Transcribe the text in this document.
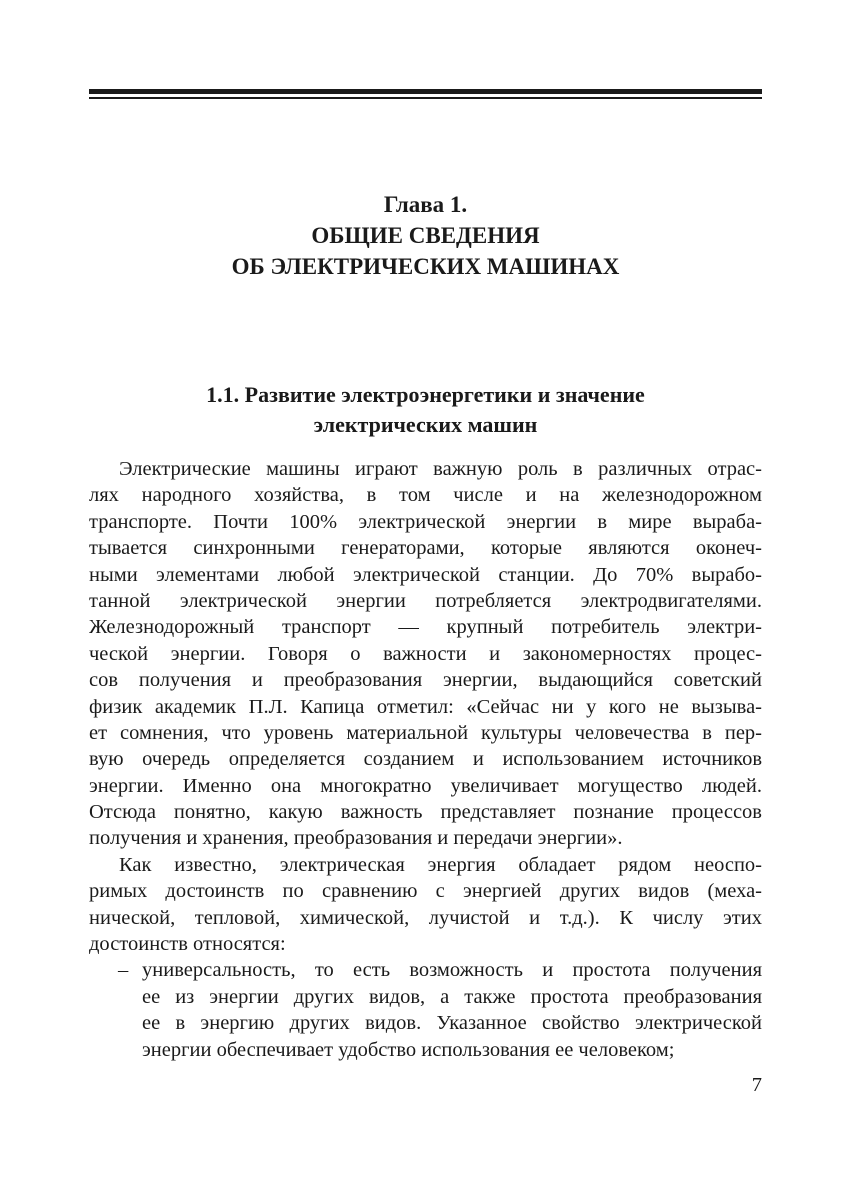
Глава 1.
ОБЩИЕ СВЕДЕНИЯ
ОБ ЭЛЕКТРИЧЕСКИХ МАШИНАХ
1.1. Развитие электроэнергетики и значение
электрических машин
Электрические машины играют важную роль в различных отрас-
лях народного хозяйства, в том числе и на железнодорожном
транспорте. Почти 100% электрической энергии в мире выраба-
тывается синхронными генераторами, которые являются оконеч-
ными элементами любой электрической станции. До 70% вырабо-
танной электрической энергии потребляется электродвигателями.
Железнодорожный транспорт — крупный потребитель электри-
ческой энергии. Говоря о важности и закономерностях процес-
сов получения и преобразования энергии, выдающийся советский
физик академик П.Л. Капица отметил: «Сейчас ни у кого не вызыва-
ет сомнения, что уровень материальной культуры человечества в пер-
вую очередь определяется созданием и использованием источников
энергии. Именно она многократно увеличивает могущество людей.
Отсюда понятно, какую важность представляет познание процессов
получения и хранения, преобразования и передачи энергии».
Как известно, электрическая энергия обладает рядом неоспо-
римых достоинств по сравнению с энергией других видов (меха-
нической, тепловой, химической, лучистой и т.д.). К числу этих
достоинств относятся:
– универсальность, то есть возможность и простота получения
ее из энергии других видов, а также простота преобразования
ее в энергию других видов. Указанное свойство электрической
энергии обеспечивает удобство использования ее человеком;
7
